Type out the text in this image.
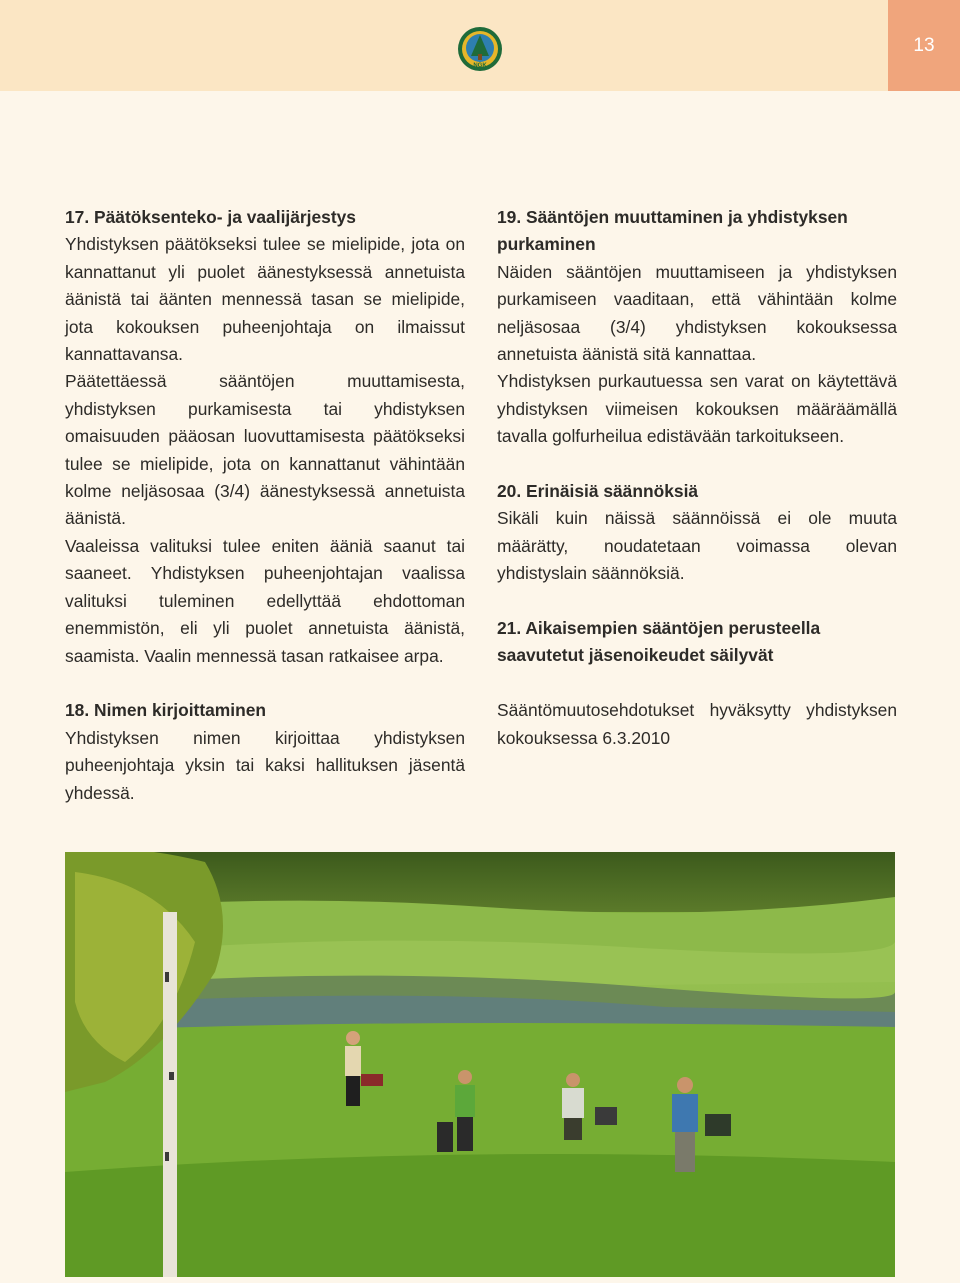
NGK
13
17. Päätöksenteko- ja vaalijärjestys

Yhdistyksen päätökseksi tulee se mielipide, jota on kannattanut yli puolet äänestyksessä annetuista äänistä tai äänten mennessä tasan se mielipide, jota kokouksen puheenjohtaja on ilmaissut kannattavansa.

Päätettäessä sääntöjen muuttamisesta, yhdistyksen purkamisesta tai yhdistyksen omaisuuden pääosan luovuttamisesta päätökseksi tulee se mielipide, jota on kannattanut vähintään kolme neljäsosaa (3/4) äänestyksessä annetuista äänistä.

Vaaleissa valituksi tulee eniten ääniä saanut tai saaneet. Yhdistyksen puheenjohtajan vaalissa valituksi tuleminen edellyttää ehdottoman enemmistön, eli yli puolet annetuista äänistä, saamista. Vaalin mennessä tasan ratkaisee arpa.

18. Nimen kirjoittaminen

Yhdistyksen nimen kirjoittaa yhdistyksen puheenjohtaja yksin tai kaksi hallituksen jäsentä yhdessä.

19. Sääntöjen muuttaminen ja yhdistyksen purkaminen

Näiden sääntöjen muuttamiseen ja yhdistyksen purkamiseen vaaditaan, että vähintään kolme neljäsosaa (3/4) yhdistyksen kokouksessa annetuista äänistä sitä kannattaa.

Yhdistyksen purkautuessa sen varat on käytettävä yhdistyksen viimeisen kokouksen määräämällä tavalla golfurheilua edistävään tarkoitukseen.

20. Erinäisiä säännöksiä

Sikäli kuin näissä säännöissä ei ole muuta määrätty, noudatetaan voimassa olevan yhdistyslain säännöksiä.

21. Aikaisempien sääntöjen perusteella saavutetut jäsenoikeudet säilyvät

Sääntömuutosehdotukset hyväksytty yhdistyksen kokouksessa 6.3.2010
